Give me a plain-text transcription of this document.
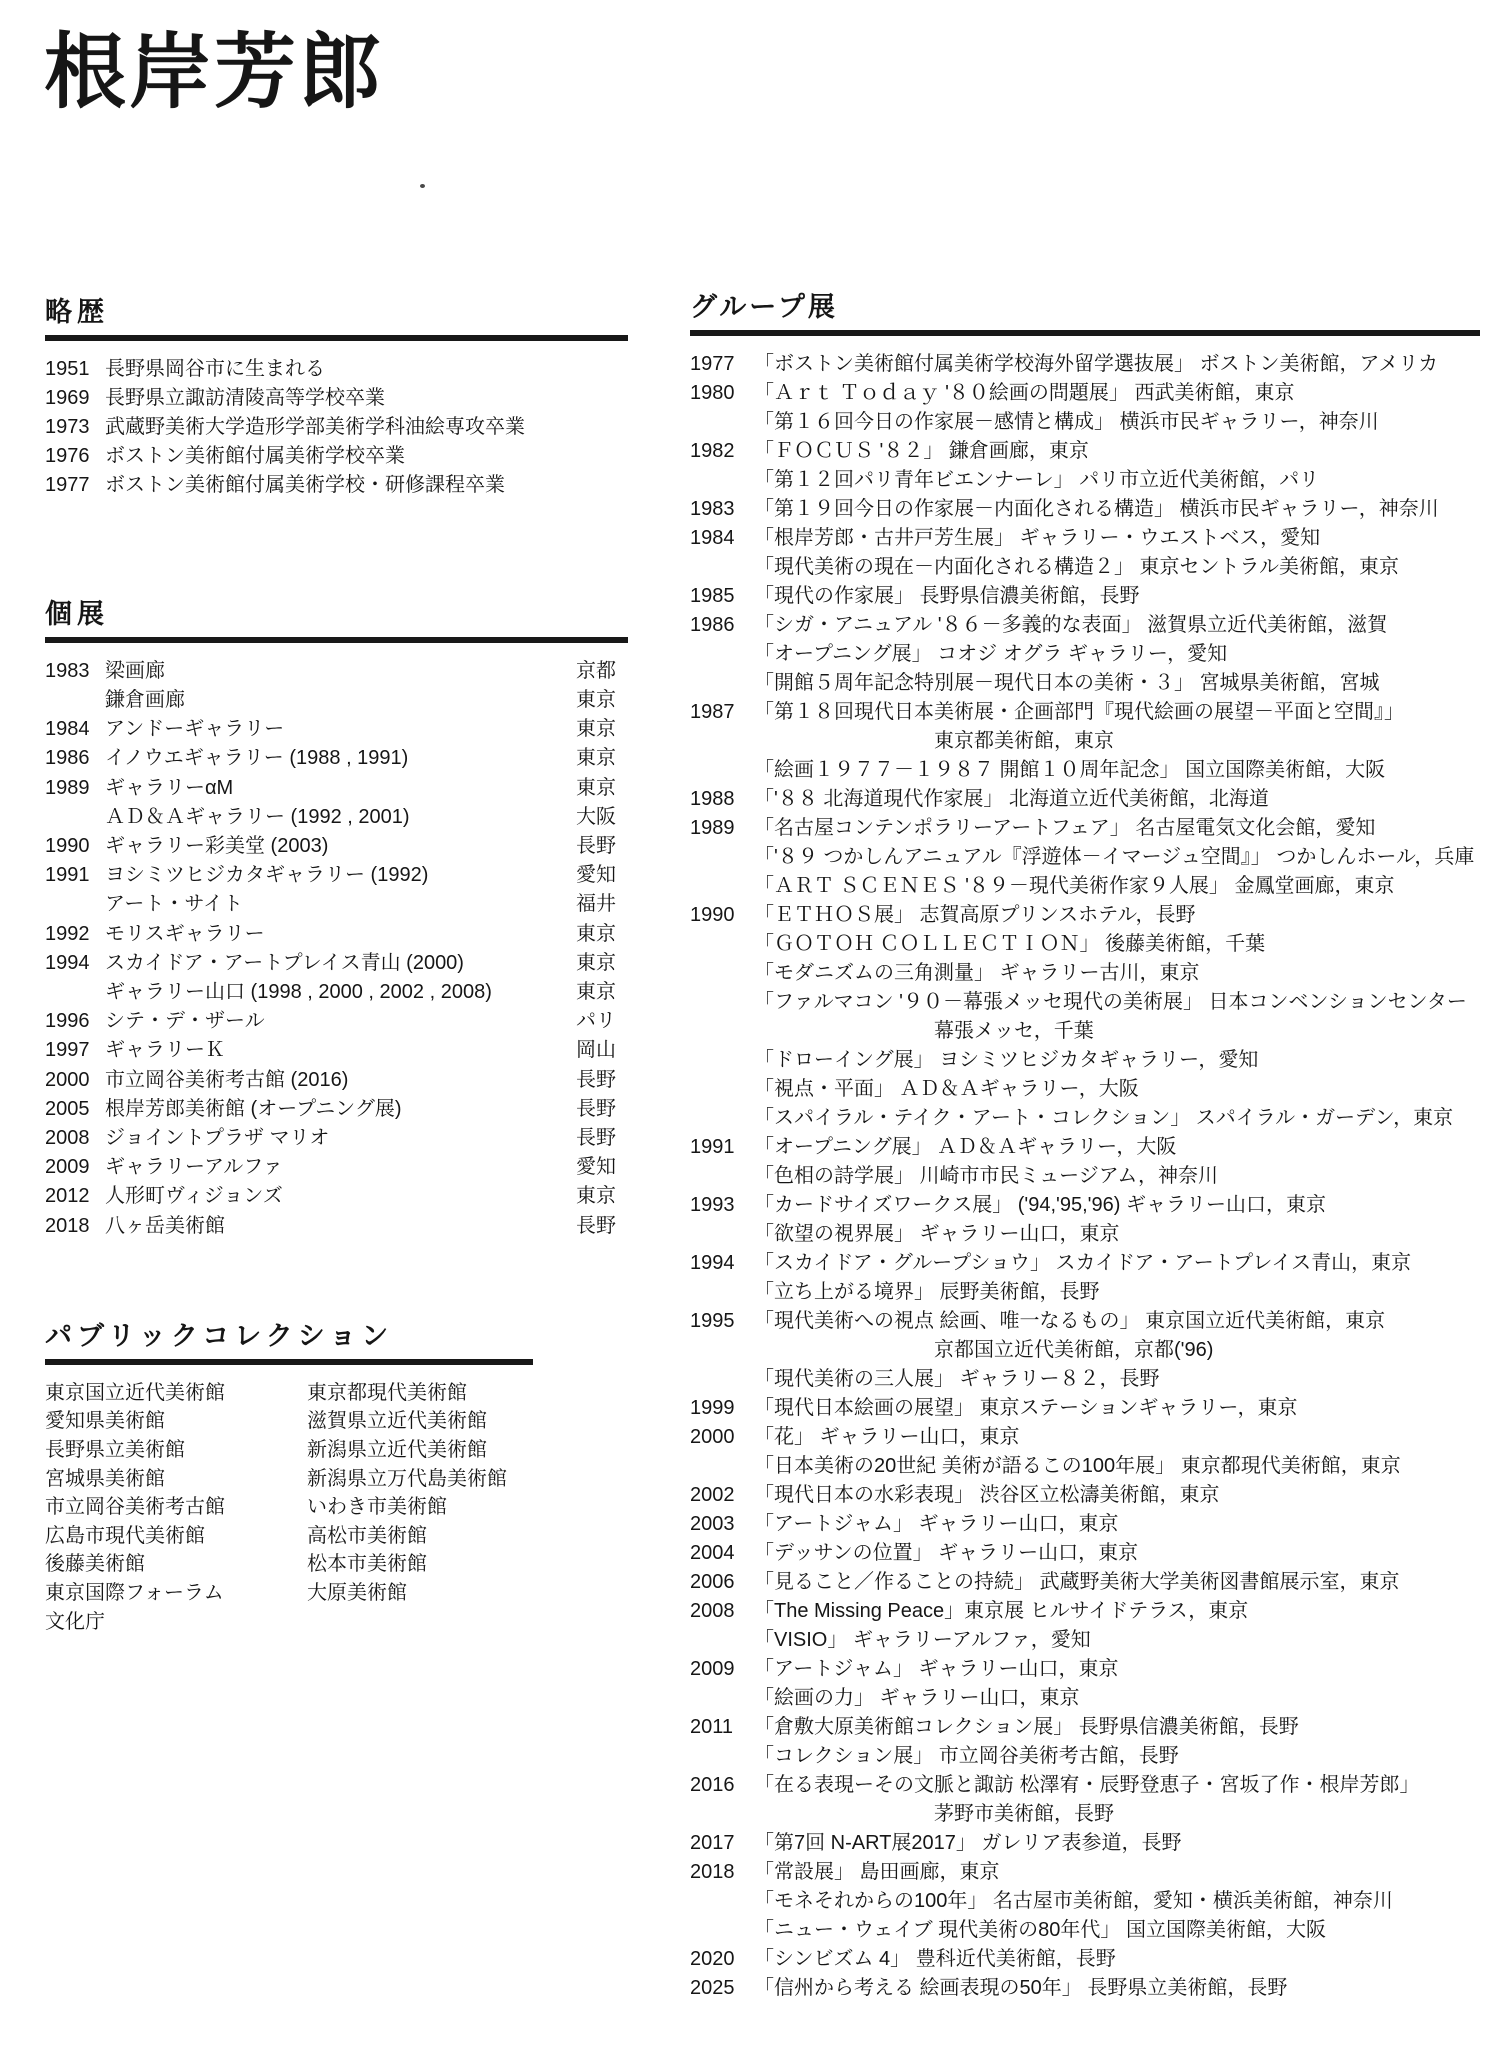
根岸芳郎
略歴
1951 長野県岡谷市に生まれる
1969 長野県立諏訪清陵高等学校卒業
1973 武蔵野美術大学造形学部美術学科油絵専攻卒業
1976 ボストン美術館付属美術学校卒業
1977 ボストン美術館付属美術学校・研修課程卒業
個展
1983 梁画廊	京都
鎌倉画廊	東京
1984 アンドーギャラリー	東京
1986 イノウエギャラリー (1988 , 1991)	東京
1989 ギャラリーαM	東京
ＡＤ＆Ａギャラリー (1992 , 2001)	大阪
1990 ギャラリー彩美堂 (2003)	長野
1991 ヨシミツヒジカタギャラリー (1992)	愛知
アート・サイト	福井
1992 モリスギャラリー	東京
1994 スカイドア・アートプレイス青山 (2000)	東京
ギャラリー山口 (1998 , 2000 , 2002 , 2008)	東京
1996 シテ・デ・ザール	パリ
1997 ギャラリーＫ	岡山
2000 市立岡谷美術考古館 (2016)	長野
2005 根岸芳郎美術館 (オープニング展)	長野
2008 ジョイントプラザ マリオ	長野
2009 ギャラリーアルファ	愛知
2012 人形町ヴィジョンズ	東京
2018 八ヶ岳美術館	長野
パブリックコレクション
東京国立近代美術館	東京都現代美術館
愛知県美術館	滋賀県立近代美術館
長野県立美術館	新潟県立近代美術館
宮城県美術館	新潟県立万代島美術館
市立岡谷美術考古館	いわき市美術館
広島市現代美術館	高松市美術館
後藤美術館	松本市美術館
東京国際フォーラム	大原美術館
文化庁
グループ展
1977 「ボストン美術館付属美術学校海外留学選抜展」 ボストン美術館，アメリカ
1980 「Ａｒｔ Ｔｏｄａｙ '８０絵画の問題展」 西武美術館，東京
「第１６回今日の作家展－感情と構成」 横浜市民ギャラリー，神奈川
1982 「ＦＯＣＵＳ '８２」 鎌倉画廊，東京
「第１２回パリ青年ビエンナーレ」 パリ市立近代美術館，パリ
1983 「第１９回今日の作家展－内面化される構造」 横浜市民ギャラリー，神奈川
1984 「根岸芳郎・古井戸芳生展」 ギャラリー・ウエストベス，愛知
「現代美術の現在－内面化される構造２」 東京セントラル美術館，東京
1985 「現代の作家展」 長野県信濃美術館，長野
1986 「シガ・アニュアル '８６－多義的な表面」 滋賀県立近代美術館，滋賀
「オープニング展」 コオジ オグラ ギャラリー，愛知
「開館５周年記念特別展－現代日本の美術・３」 宮城県美術館，宮城
1987 「第１８回現代日本美術展・企画部門『現代絵画の展望－平面と空間』」
東京都美術館，東京
「絵画１９７７－１９８７ 開館１０周年記念」 国立国際美術館，大阪
1988 「'８８ 北海道現代作家展」 北海道立近代美術館，北海道
1989 「名古屋コンテンポラリーアートフェア」 名古屋電気文化会館，愛知
「'８９ つかしんアニュアル『浮遊体－イマージュ空間』」 つかしんホール，兵庫
「ＡＲＴ ＳＣＥＮＥＳ '８９－現代美術作家９人展」 金鳳堂画廊，東京
1990 「ＥＴＨＯＳ展」 志賀高原プリンスホテル，長野
「ＧＯＴＯＨ ＣＯＬＬＥＣＴＩＯＮ」 後藤美術館，千葉
「モダニズムの三角測量」 ギャラリー古川，東京
「ファルマコン '９０－幕張メッセ現代の美術展」 日本コンベンションセンター
幕張メッセ，千葉
「ドローイング展」 ヨシミツヒジカタギャラリー，愛知
「視点・平面」 ＡＤ＆Ａギャラリー，大阪
「スパイラル・テイク・アート・コレクション」 スパイラル・ガーデン，東京
1991 「オープニング展」 ＡＤ＆Ａギャラリー，大阪
「色相の詩学展」 川崎市市民ミュージアム，神奈川
1993 「カードサイズワークス展」 ('94,'95,'96) ギャラリー山口，東京
「欲望の視界展」 ギャラリー山口，東京
1994 「スカイドア・グループショウ」 スカイドア・アートプレイス青山，東京
「立ち上がる境界」 辰野美術館，長野
1995 「現代美術への視点 絵画、唯一なるもの」 東京国立近代美術館，東京
京都国立近代美術館，京都('96)
「現代美術の三人展」 ギャラリー８２，長野
1999 「現代日本絵画の展望」 東京ステーションギャラリー，東京
2000 「花」 ギャラリー山口，東京
「日本美術の20世紀 美術が語るこの100年展」 東京都現代美術館，東京
2002 「現代日本の水彩表現」 渋谷区立松濤美術館，東京
2003 「アートジャム」 ギャラリー山口，東京
2004 「デッサンの位置」 ギャラリー山口，東京
2006 「見ること／作ることの持続」 武蔵野美術大学美術図書館展示室，東京
2008 「The Missing Peace」東京展 ヒルサイドテラス，東京
「VISIO」 ギャラリーアルファ，愛知
2009 「アートジャム」 ギャラリー山口，東京
「絵画の力」 ギャラリー山口，東京
2011	「倉敷大原美術館コレクション展」 長野県信濃美術館，長野
「コレクション展」 市立岡谷美術考古館，長野
2016 「在る表現ーその文脈と諏訪 松澤宥・辰野登恵子・宮坂了作・根岸芳郎」
茅野市美術館，長野
2017 「第7回 N-ART展2017」 ガレリア表参道，長野
2018 「常設展」 島田画廊，東京
「モネそれからの100年」 名古屋市美術館，愛知・横浜美術館，神奈川
「ニュー・ウェイブ 現代美術の80年代」 国立国際美術館，大阪
2020 「シンビズム 4」 豊科近代美術館，長野
2025 「信州から考える 絵画表現の50年」 長野県立美術館，長野
